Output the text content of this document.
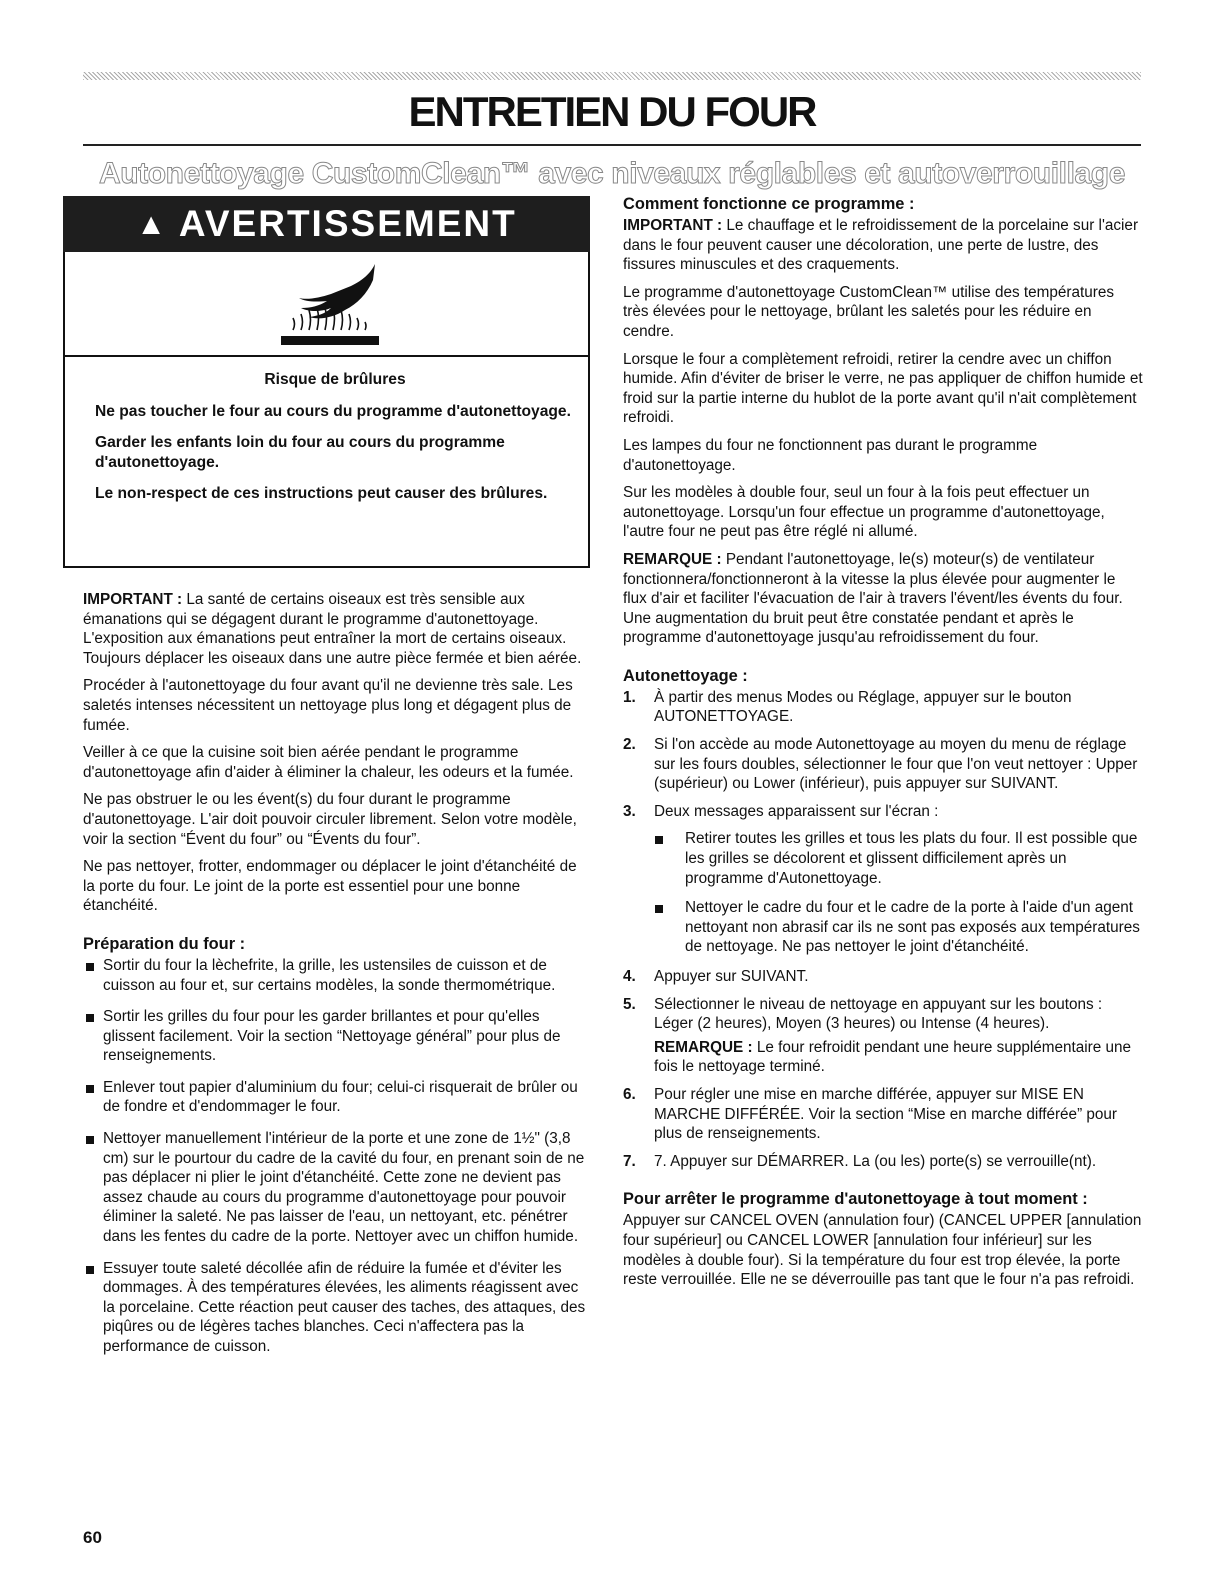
ENTRETIEN DU FOUR
Autonettoyage CustomClean™ avec niveaux réglables et autoverrouillage
▲ AVERTISSEMENT
Risque de brûlures

Ne pas toucher le four au cours du programme d'autonettoyage.

Garder les enfants loin du four au cours du programme d'autonettoyage.

Le non-respect de ces instructions peut causer des brûlures.

IMPORTANT : La santé de certains oiseaux est très sensible aux émanations qui se dégagent durant le programme d'autonettoyage. L'exposition aux émanations peut entraîner la mort de certains oiseaux. Toujours déplacer les oiseaux dans une autre pièce fermée et bien aérée.

Procéder à l'autonettoyage du four avant qu'il ne devienne très sale. Les saletés intenses nécessitent un nettoyage plus long et dégagent plus de fumée.

Veiller à ce que la cuisine soit bien aérée pendant le programme d'autonettoyage afin d'aider à éliminer la chaleur, les odeurs et la fumée.

Ne pas obstruer le ou les évent(s) du four durant le programme d'autonettoyage. L'air doit pouvoir circuler librement. Selon votre modèle, voir la section “Évent du four” ou “Évents du four”.

Ne pas nettoyer, frotter, endommager ou déplacer le joint d'étanchéité de la porte du four. Le joint de la porte est essentiel pour une bonne étanchéité.

Préparation du four :
Sortir du four la lèchefrite, la grille, les ustensiles de cuisson et de cuisson au four et, sur certains modèles, la sonde thermométrique.
Sortir les grilles du four pour les garder brillantes et pour qu'elles glissent facilement. Voir la section “Nettoyage général” pour plus de renseignements.
Enlever tout papier d'aluminium du four; celui-ci risquerait de brûler ou de fondre et d'endommager le four.
Nettoyer manuellement l'intérieur de la porte et une zone de 1½" (3,8 cm) sur le pourtour du cadre de la cavité du four, en prenant soin de ne pas déplacer ni plier le joint d'étanchéité. Cette zone ne devient pas assez chaude au cours du programme d'autonettoyage pour pouvoir éliminer la saleté. Ne pas laisser de l'eau, un nettoyant, etc. pénétrer dans les fentes du cadre de la porte. Nettoyer avec un chiffon humide.
Essuyer toute saleté décollée afin de réduire la fumée et d'éviter les dommages. À des températures élevées, les aliments réagissent avec la porcelaine. Cette réaction peut causer des taches, des attaques, des piqûres ou de légères taches blanches. Ceci n'affectera pas la performance de cuisson.
Comment fonctionne ce programme :

IMPORTANT : Le chauffage et le refroidissement de la porcelaine sur l'acier dans le four peuvent causer une décoloration, une perte de lustre, des fissures minuscules et des craquements.

Le programme d'autonettoyage CustomClean™ utilise des températures très élevées pour le nettoyage, brûlant les saletés pour les réduire en cendre.

Lorsque le four a complètement refroidi, retirer la cendre avec un chiffon humide. Afin d'éviter de briser le verre, ne pas appliquer de chiffon humide et froid sur la partie interne du hublot de la porte avant qu'il n'ait complètement refroidi.

Les lampes du four ne fonctionnent pas durant le programme d'autonettoyage.

Sur les modèles à double four, seul un four à la fois peut effectuer un autonettoyage. Lorsqu'un four effectue un programme d'autonettoyage, l'autre four ne peut pas être réglé ni allumé.

REMARQUE : Pendant l'autonettoyage, le(s) moteur(s) de ventilateur fonctionnera/fonctionneront à la vitesse la plus élevée pour augmenter le flux d'air et faciliter l'évacuation de l'air à travers l'évent/les évents du four. Une augmentation du bruit peut être constatée pendant et après le programme d'autonettoyage jusqu'au refroidissement du four.

Autonettoyage :
1. À partir des menus Modes ou Réglage, appuyer sur le bouton AUTONETTOYAGE.
2. Si l'on accède au mode Autonettoyage au moyen du menu de réglage sur les fours doubles, sélectionner le four que l'on veut nettoyer : Upper (supérieur) ou Lower (inférieur), puis appuyer sur SUIVANT.
3. Deux messages apparaissent sur l'écran :
Retirer toutes les grilles et tous les plats du four. Il est possible que les grilles se décolorent et glissent difficilement après un programme d'Autonettoyage.
Nettoyer le cadre du four et le cadre de la porte à l'aide d'un agent nettoyant non abrasif car ils ne sont pas exposés aux températures de nettoyage. Ne pas nettoyer le joint d'étanchéité.
4. Appuyer sur SUIVANT.
5. Sélectionner le niveau de nettoyage en appuyant sur les boutons :
Léger (2 heures), Moyen (3 heures) ou Intense (4 heures).

REMARQUE : Le four refroidit pendant une heure supplémentaire une fois le nettoyage terminé.

6. Pour régler une mise en marche différée, appuyer sur MISE EN MARCHE DIFFÉRÉE. Voir la section “Mise en marche différée” pour plus de renseignements.
7. 7. Appuyer sur DÉMARRER. La (ou les) porte(s) se verrouille(nt).
Pour arrêter le programme d'autonettoyage à tout moment :

Appuyer sur CANCEL OVEN (annulation four) (CANCEL UPPER [annulation four supérieur] ou CANCEL LOWER [annulation four inférieur] sur les modèles à double four). Si la température du four est trop élevée, la porte reste verrouillée. Elle ne se déverrouille pas tant que le four n'a pas refroidi.

60
